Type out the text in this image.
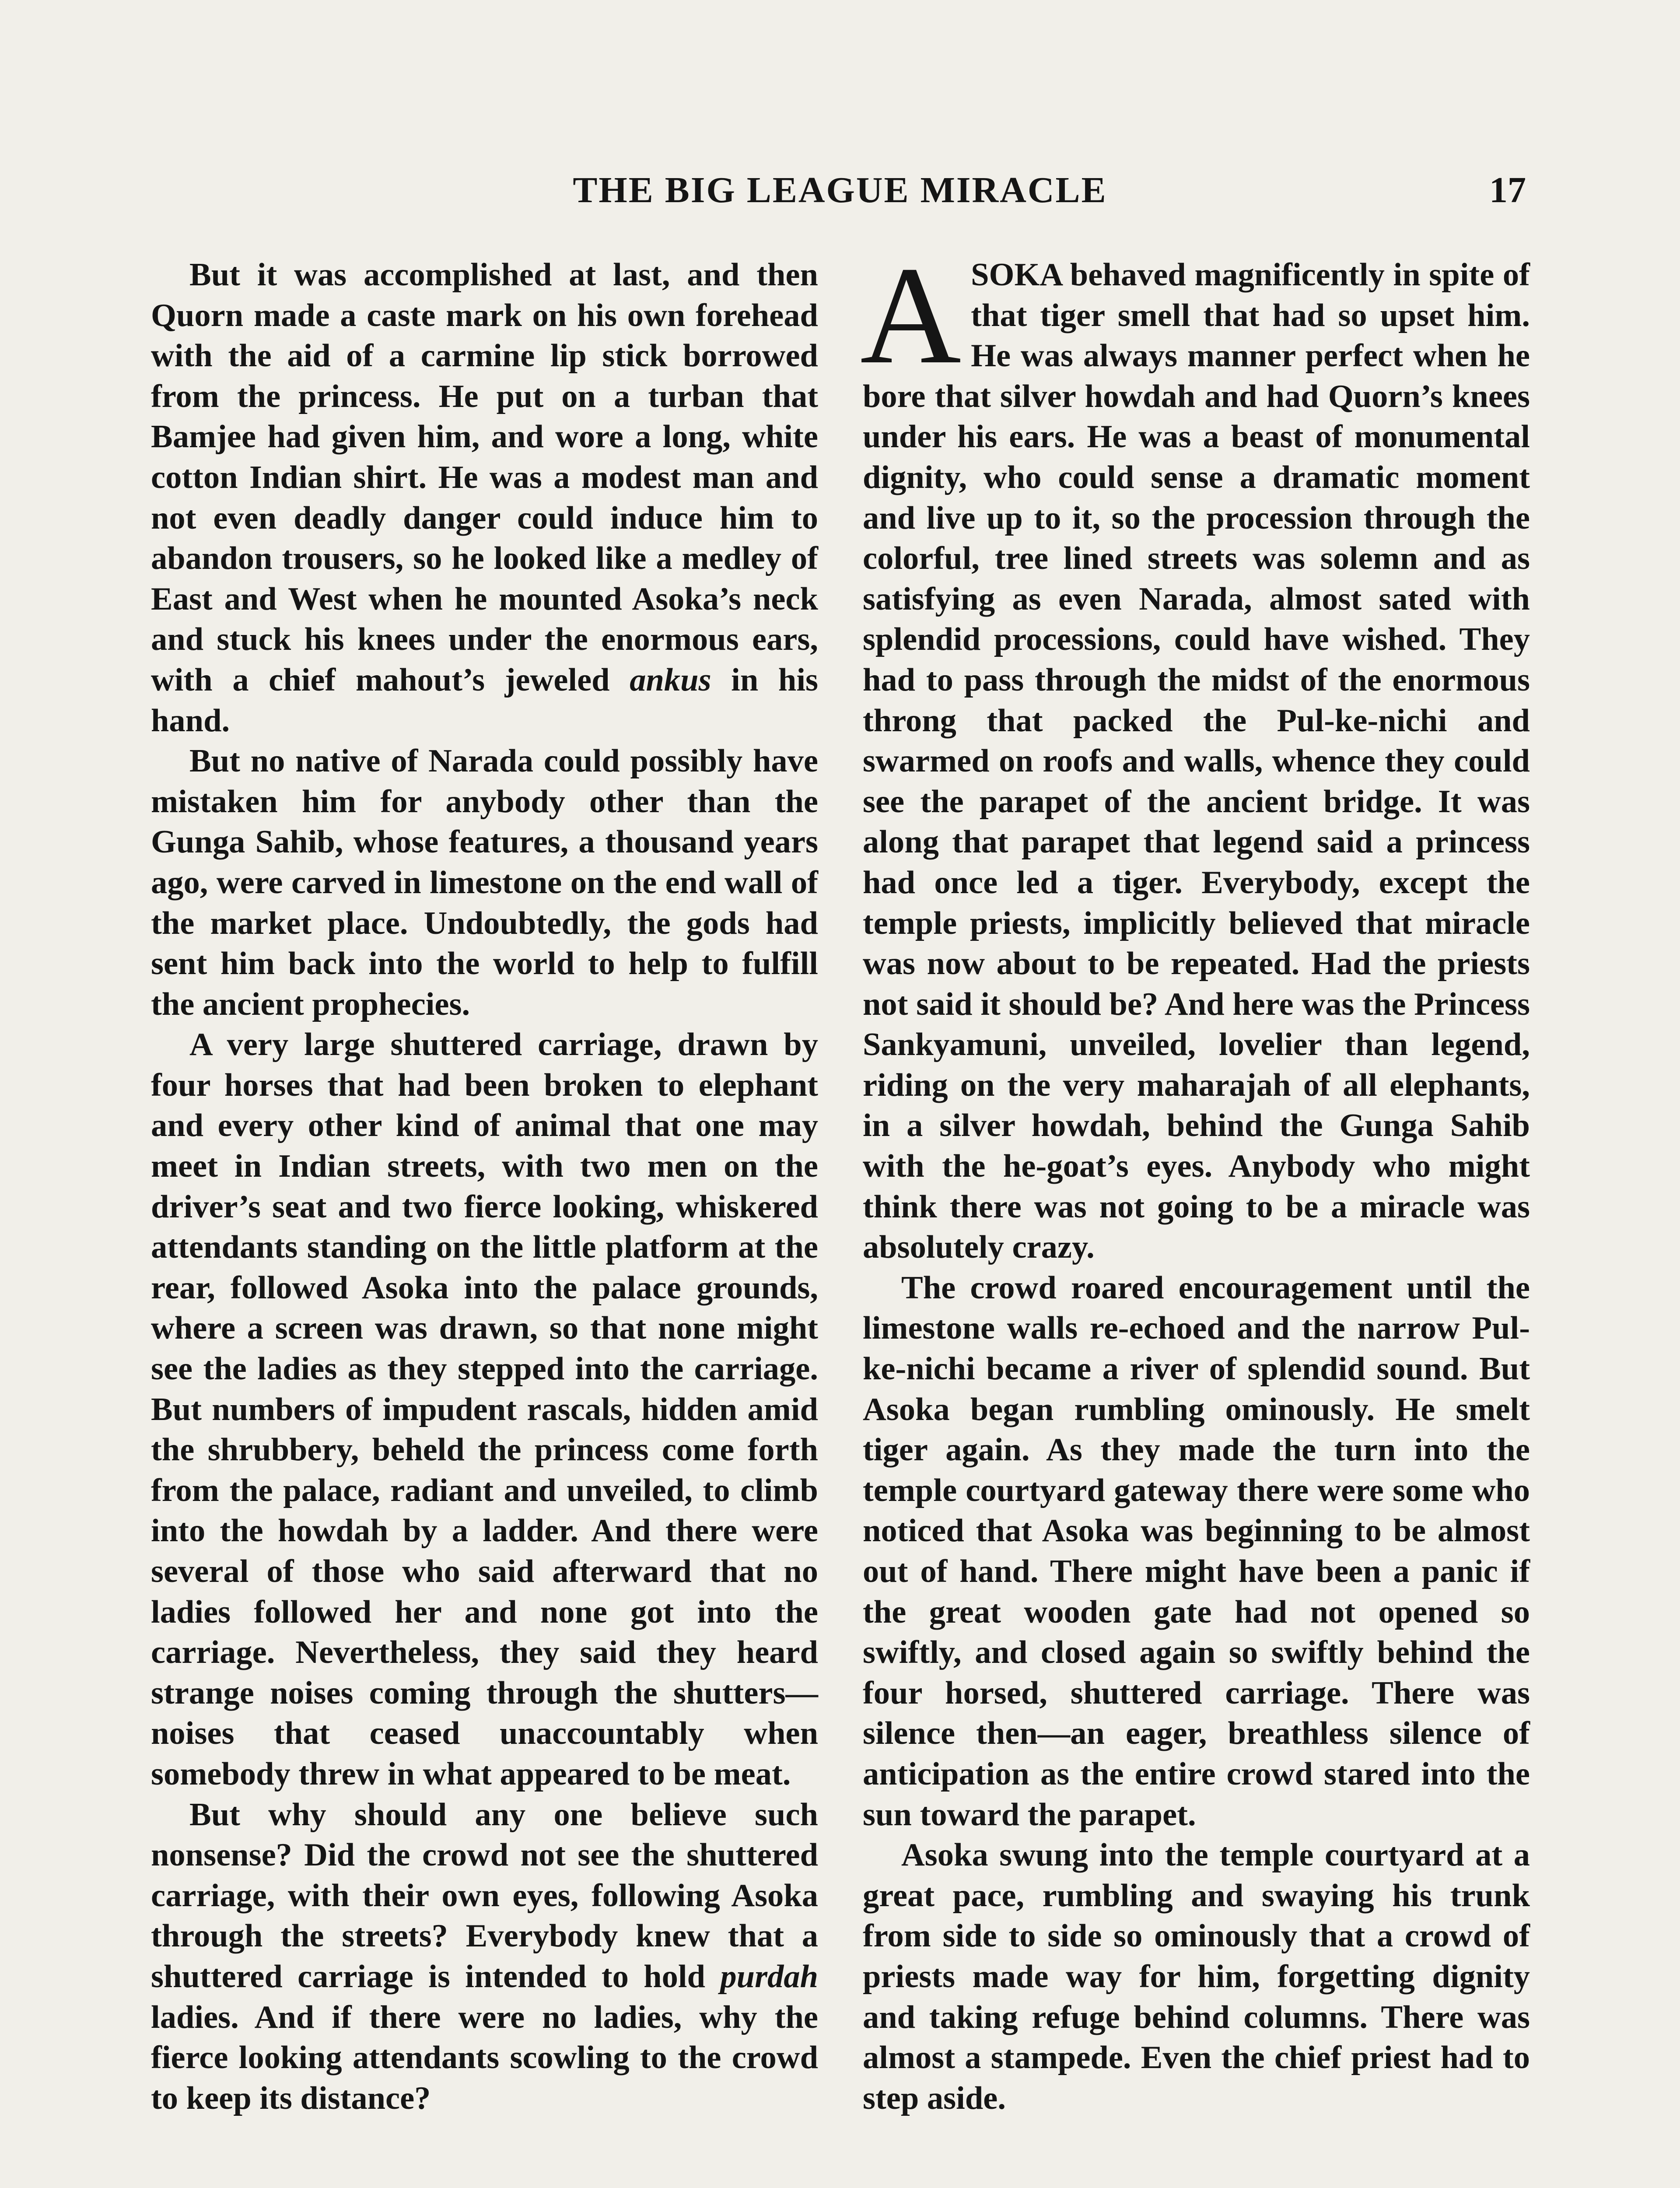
THE BIG LEAGUE MIRACLE	17

But it was accomplished at last, and then Quorn made a caste mark on his own forehead with the aid of a carmine lip stick borrowed from the princess. He put on a turban that Bamjee had given him, and wore a long, white cotton Indian shirt. He was a modest man and not even deadly danger could induce him to abandon trousers, so he looked like a medley of East and West when he mounted Asoka’s neck and stuck his knees under the enormous ears, with a chief mahout’s jeweled ankus in his hand.

But no native of Narada could possibly have mistaken him for anybody other than the Gunga Sahib, whose features, a thousand years ago, were carved in limestone on the end wall of the market place. Undoubtedly, the gods had sent him back into the world to help to fulfill the ancient prophecies.

A very large shuttered carriage, drawn by four horses that had been broken to elephant and every other kind of animal that one may meet in Indian streets, with two men on the driver’s seat and two fierce looking, whiskered attendants standing on the little platform at the rear, followed Asoka into the palace grounds, where a screen was drawn, so that none might see the ladies as they stepped into the carriage. But numbers of impudent rascals, hidden amid the shrubbery, beheld the princess come forth from the palace, radiant and unveiled, to climb into the howdah by a ladder. And there were several of those who said afterward that no ladies followed her and none got into the carriage. Nevertheless, they said they heard strange noises coming through the shutters—noises that ceased unaccountably when somebody threw in what appeared to be meat.

But why should any one believe such nonsense? Did the crowd not see the shuttered carriage, with their own eyes, following Asoka through the streets? Everybody knew that a shuttered carriage is intended to hold purdah ladies. And if there were no ladies, why the fierce looking attendants scowling to the crowd to keep its distance?

ASOKA behaved magnificently in spite of that tiger smell that had so upset him. He was always manner perfect when he bore that silver howdah and had Quorn’s knees under his ears. He was a beast of monumental dignity, who could sense a dramatic moment and live up to it, so the procession through the colorful, tree lined streets was solemn and as satisfying as even Narada, almost sated with splendid processions, could have wished. They had to pass through the midst of the enormous throng that packed the Pul-ke-nichi and swarmed on roofs and walls, whence they could see the parapet of the ancient bridge. It was along that parapet that legend said a princess had once led a tiger. Everybody, except the temple priests, implicitly believed that miracle was now about to be repeated. Had the priests not said it should be? And here was the Princess Sankyamuni, unveiled, lovelier than legend, riding on the very maharajah of all elephants, in a silver howdah, behind the Gunga Sahib with the he-goat’s eyes. Anybody who might think there was not going to be a miracle was absolutely crazy.

The crowd roared encouragement until the limestone walls re-echoed and the narrow Pul-ke-nichi became a river of splendid sound. But Asoka began rumbling ominously. He smelt tiger again. As they made the turn into the temple courtyard gateway there were some who noticed that Asoka was beginning to be almost out of hand. There might have been a panic if the great wooden gate had not opened so swiftly, and closed again so swiftly behind the four horsed, shuttered carriage. There was silence then—an eager, breathless silence of anticipation as the entire crowd stared into the sun toward the parapet.

Asoka swung into the temple courtyard at a great pace, rumbling and swaying his trunk from side to side so ominously that a crowd of priests made way for him, forgetting dignity and taking refuge behind columns. There was almost a stampede. Even the chief priest had to step aside.
